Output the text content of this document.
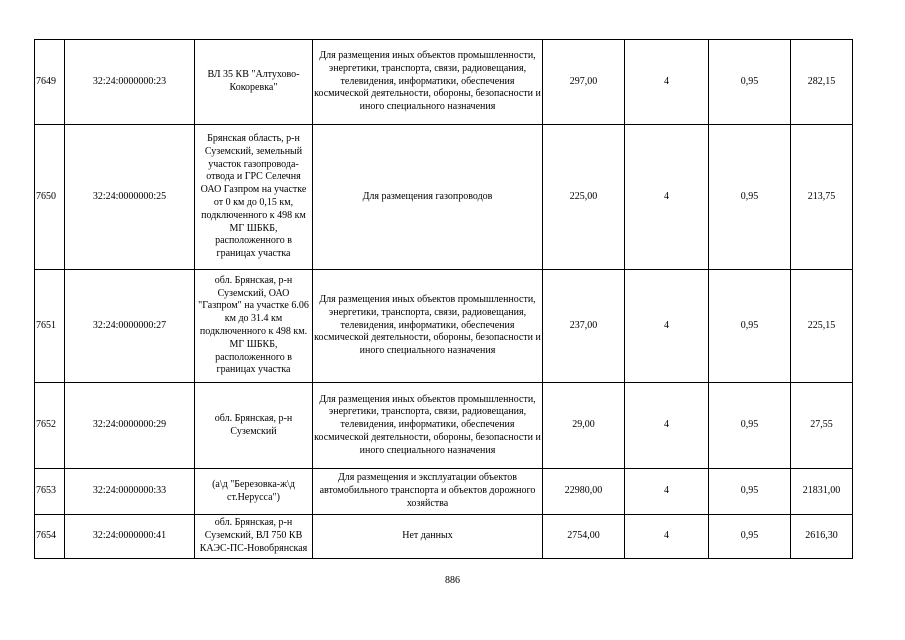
7649	32:24:0000000:23	ВЛ 35 КВ "Алтухово-Кокоревка"	Для размещения иных объектов промышленности, энергетики, транспорта, связи, радиовещания, телевидения, информатики, обеспечения космической деятельности, обороны, безопасности и иного специального назначения	297,00	4	0,95	282,15
7650	32:24:0000000:25	Брянская область, р-н Суземский, земельный участок газопровода-отвода и ГРС Селечня ОАО Газпром на участке от 0 км до 0,15 км, подключенного к 498 км МГ ШБКБ, расположенного в границах участка	Для размещения газопроводов	225,00	4	0,95	213,75
7651	32:24:0000000:27	обл. Брянская, р-н Суземский, ОАО "Газпром" на участке 6.06 км до 31.4 км подключенного к 498 км. МГ ШБКБ, расположенного в границах участка	Для размещения иных объектов промышленности, энергетики, транспорта, связи, радиовещания, телевидения, информатики, обеспечения космической деятельности, обороны, безопасности и иного специального назначения	237,00	4	0,95	225,15
7652	32:24:0000000:29	обл. Брянская, р-н Суземский	Для размещения иных объектов промышленности, энергетики, транспорта, связи, радиовещания, телевидения, информатики, обеспечения космической деятельности, обороны, безопасности и иного специального назначения	29,00	4	0,95	27,55
7653	32:24:0000000:33	(а\д "Березовка-ж\д ст.Нерусса")	Для размещения и эксплуатации объектов автомобильного транспорта и объектов дорожного хозяйства	22980,00	4	0,95	21831,00
7654	32:24:0000000:41	обл. Брянская, р-н Суземский, ВЛ 750 КВ КАЭС-ПС-Новобрянская	Нет данных	2754,00	4	0,95	2616,30
886
